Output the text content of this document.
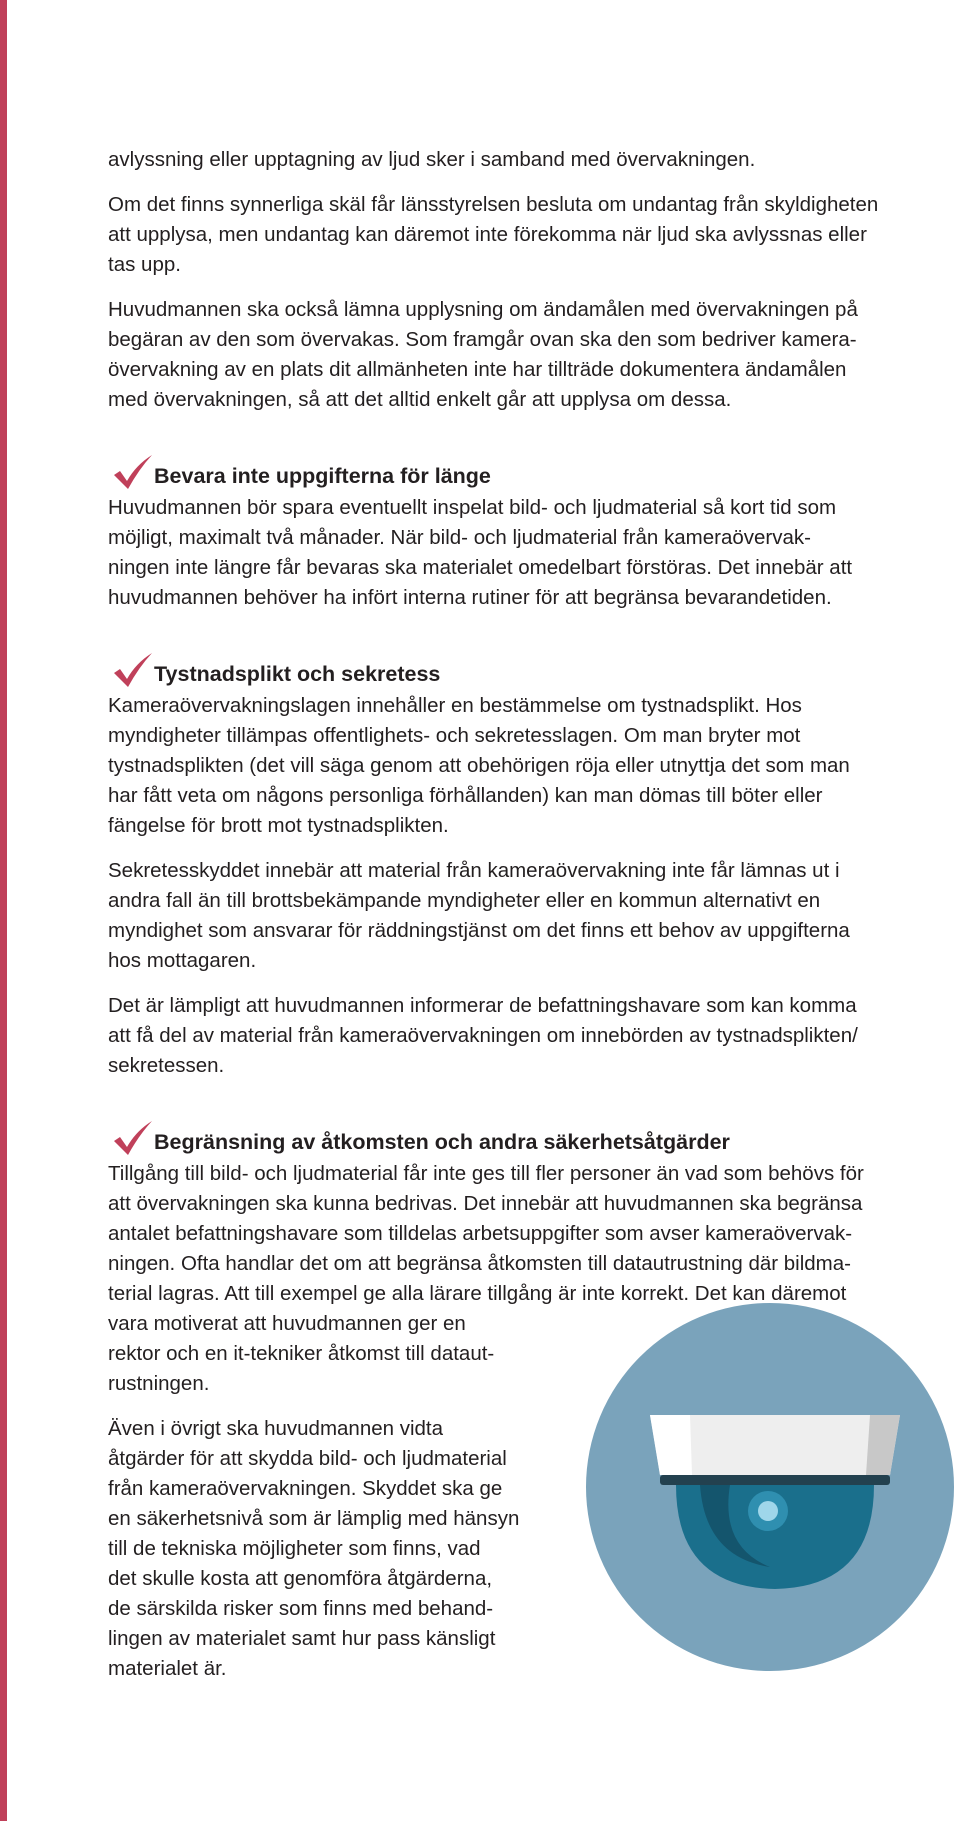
avlyssning eller upptagning av ljud sker i samband med övervakningen.

Om det finns synnerliga skäl får länsstyrelsen besluta om undantag från skyldigheten
att upplysa, men undantag kan däremot inte förekomma när ljud ska avlyssnas eller
tas upp.

Huvudmannen ska också lämna upplysning om ändamålen med övervakningen på
begäran av den som övervakas. Som framgår ovan ska den som bedriver kamera-
övervakning av en plats dit allmänheten inte har tillträde dokumentera ändamålen
med övervakningen, så att det alltid enkelt går att upplysa om dessa.

Bevara inte uppgifterna för länge

Huvudmannen bör spara eventuellt inspelat bild- och ljudmaterial så kort tid som
möjligt, maximalt två månader. När bild- och ljudmaterial från kameraövervak-
ningen inte längre får bevaras ska materialet omedelbart förstöras. Det innebär att
huvudmannen behöver ha infört interna rutiner för att begränsa bevarandetiden.

Tystnadsplikt och sekretess

Kameraövervakningslagen innehåller en bestämmelse om tystnadsplikt. Hos
myndigheter tillämpas offentlighets- och sekretesslagen. Om man bryter mot
tystnadsplikten (det vill säga genom att obehörigen röja eller utnyttja det som man
har fått veta om någons personliga förhållanden) kan man dömas till böter eller
fängelse för brott mot tystnadsplikten.

Sekretesskyddet innebär att material från kameraövervakning inte får lämnas ut i
andra fall än till brottsbekämpande myndigheter eller en kommun alternativt en
myndighet som ansvarar för räddningstjänst om det finns ett behov av uppgifterna
hos mottagaren.

Det är lämpligt att huvudmannen informerar de befattningshavare som kan komma
att få del av material från kameraövervakningen om innebörden av tystnadsplikten/
sekretessen.

Begränsning av åtkomsten och andra säkerhetsåtgärder

Tillgång till bild- och ljudmaterial får inte ges till fler personer än vad som behövs för
att övervakningen ska kunna bedrivas. Det innebär att huvudmannen ska begränsa
antalet befattningshavare som tilldelas arbetsuppgifter som avser kameraövervak-
ningen. Ofta handlar det om att begränsa åtkomsten till datautrustning där bildma-
terial lagras. Att till exempel ge alla lärare tillgång är inte korrekt. Det kan däremot
vara motiverat att huvudmannen ger en
rektor och en it-tekniker åtkomst till dataut-
rustningen.

Även i övrigt ska huvudmannen vidta
åtgärder för att skydda bild- och ljudmaterial
från kameraövervakningen. Skyddet ska ge
en säkerhetsnivå som är lämplig med hänsyn
till de tekniska möjligheter som finns, vad
det skulle kosta att genomföra åtgärderna,
de särskilda risker som finns med behand-
lingen av materialet samt hur pass känsligt
materialet är.
